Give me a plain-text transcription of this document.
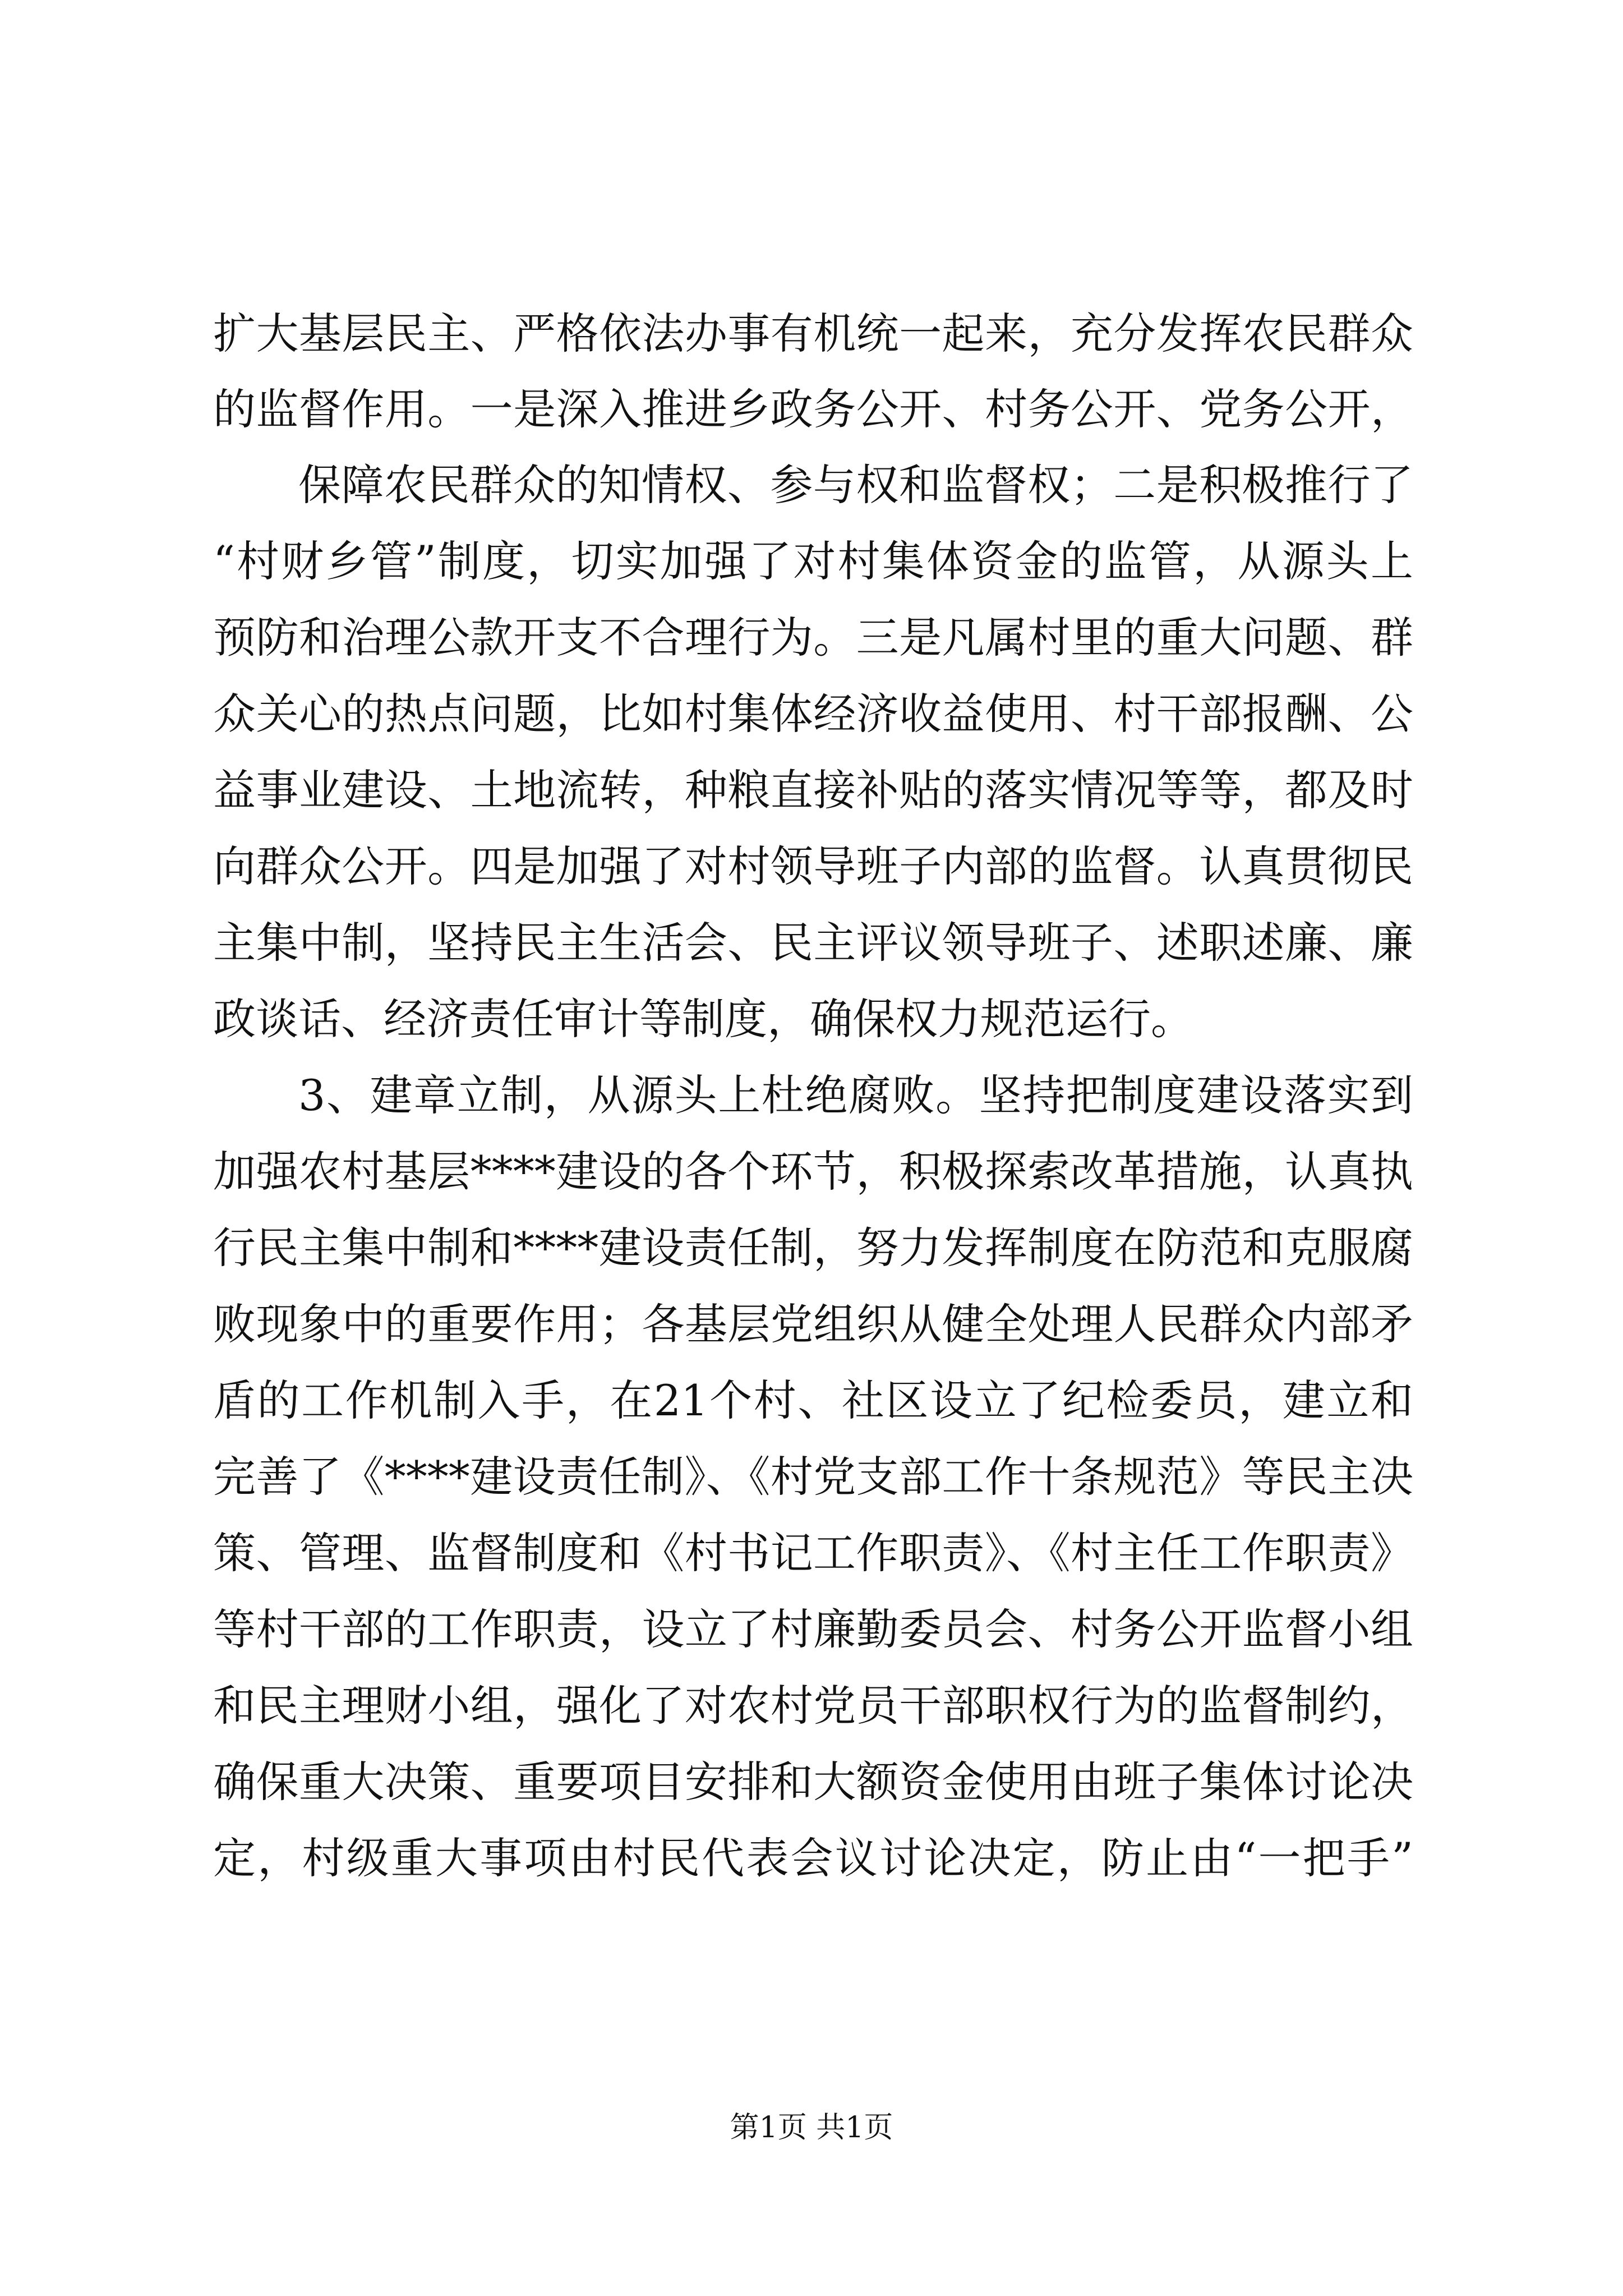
扩大基层民主、严格依法办事有机统一起来，充分发挥农民群众
的监督作用。一是深入推进乡政务公开、村务公开、党务公开，
保障农民群众的知情权、参与权和监督权；二是积极推行了
“村财乡管”制度，切实加强了对村集体资金的监管，从源头上
预防和治理公款开支不合理行为。三是凡属村里的重大问题、群
众关心的热点问题，比如村集体经济收益使用、村干部报酬、公
益事业建设、土地流转，种粮直接补贴的落实情况等等，都及时
向群众公开。四是加强了对村领导班子内部的监督。认真贯彻民
主集中制，坚持民主生活会、民主评议领导班子、述职述廉、廉
政谈话、经济责任审计等制度，确保权力规范运行。
3、建章立制，从源头上杜绝腐败。坚持把制度建设落实到
加强农村基层****建设的各个环节，积极探索改革措施，认真执
行民主集中制和****建设责任制，努力发挥制度在防范和克服腐
败现象中的重要作用；各基层党组织从健全处理人民群众内部矛
盾的工作机制入手，在21个村、社区设立了纪检委员，建立和
完善了《****建设责任制》、《村党支部工作十条规范》等民主决
策、管理、监督制度和《村书记工作职责》、《村主任工作职责》
等村干部的工作职责，设立了村廉勤委员会、村务公开监督小组
和民主理财小组，强化了对农村党员干部职权行为的监督制约，
确保重大决策、重要项目安排和大额资金使用由班子集体讨论决
定，村级重大事项由村民代表会议讨论决定，防止由“一把手”
第1页 共1页
